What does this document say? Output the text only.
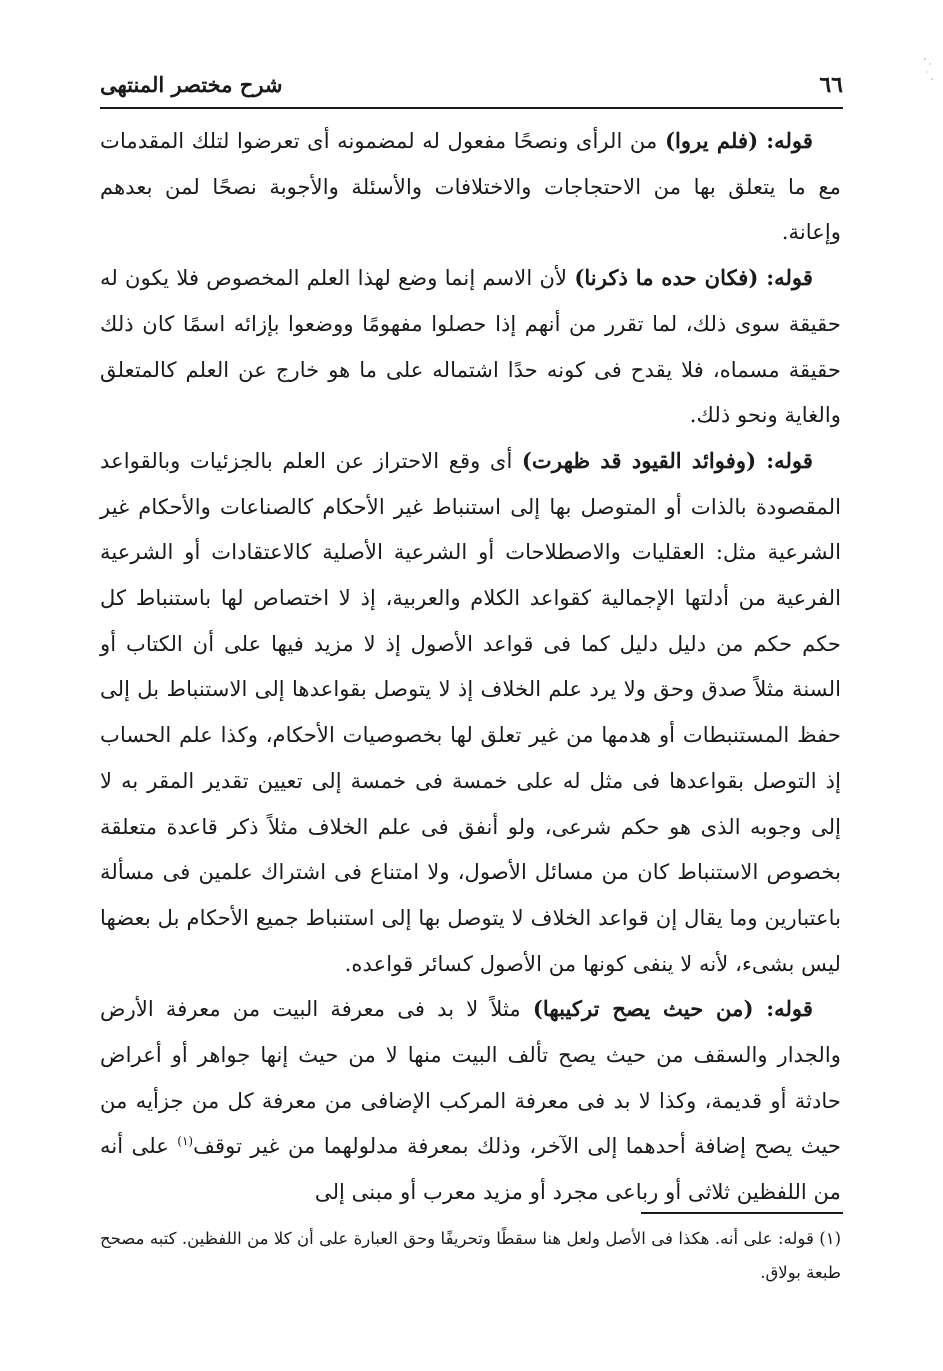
٦٦
شرح مختصر المنتهى

قوله: (فلم يروا) من الرأى ونصحًا مفعول له لمضمونه أى تعرضوا لتلك المقدمات مع ما يتعلق بها من الاحتجاجات والاختلافات والأسئلة والأجوبة نصحًا لمن بعدهم وإعانة.

قوله: (فكان حده ما ذكرنا) لأن الاسم إنما وضع لهذا العلم المخصوص فلا يكون له حقيقة سوى ذلك، لما تقرر من أنهم إذا حصلوا مفهومًا ووضعوا بإزائه اسمًا كان ذلك حقيقة مسماه، فلا يقدح فى كونه حدًا اشتماله على ما هو خارج عن العلم كالمتعلق والغاية ونحو ذلك.

قوله: (وفوائد القيود قد ظهرت) أى وقع الاحتراز عن العلم بالجزئيات وبالقواعد المقصودة بالذات أو المتوصل بها إلى استنباط غير الأحكام كالصناعات والأحكام غير الشرعية مثل: العقليات والاصطلاحات أو الشرعية الأصلية كالاعتقادات أو الشرعية الفرعية من أدلتها الإجمالية كقواعد الكلام والعربية، إذ لا اختصاص لها باستنباط كل حكم حكم من دليل دليل كما فى قواعد الأصول إذ لا مزيد فيها على أن الكتاب أو السنة مثلاً صدق وحق ولا يرد علم الخلاف إذ لا يتوصل بقواعدها إلى الاستنباط بل إلى حفظ المستنبطات أو هدمها من غير تعلق لها بخصوصيات الأحكام، وكذا علم الحساب إذ التوصل بقواعدها فى مثل له على خمسة فى خمسة إلى تعيين تقدير المقر به لا إلى وجوبه الذى هو حكم شرعى، ولو أنفق فى علم الخلاف مثلاً ذكر قاعدة متعلقة بخصوص الاستنباط كان من مسائل الأصول، ولا امتناع فى اشتراك علمين فى مسألة باعتبارين وما يقال إن قواعد الخلاف لا يتوصل بها إلى استنباط جميع الأحكام بل بعضها ليس بشىء، لأنه لا ينفى كونها من الأصول كسائر قواعده.

قوله: (من حيث يصح تركيبها) مثلاً لا بد فى معرفة البيت من معرفة الأرض والجدار والسقف من حيث يصح تألف البيت منها لا من حيث إنها جواهر أو أعراض حادثة أو قديمة، وكذا لا بد فى معرفة المركب الإضافى من معرفة كل من جزأيه من حيث يصح إضافة أحدهما إلى الآخر، وذلك بمعرفة مدلولهما من غير توقف$^{(١)}$ على أنه من اللفظين ثلاثى أو رباعى مجرد أو مزيد معرب أو مبنى إلى

(١) قوله: على أنه. هكذا فى الأصل ولعل هنا سقطًا وتحريفًا وحق العبارة على أن كلا من اللفظين. كتبه مصحح طبعة بولاق.
